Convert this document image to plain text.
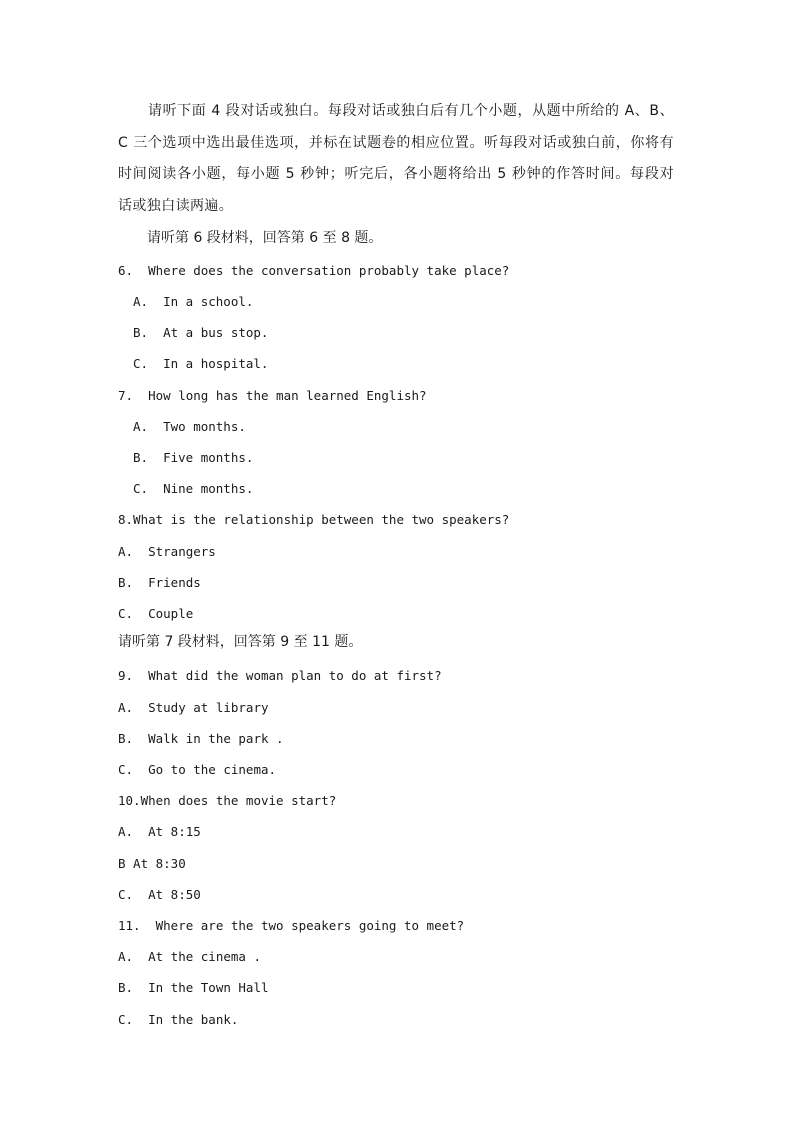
请听下面 4 段对话或独白。每段对话或独白后有几个小题，从题中所给的 A、B、C 三个选项中选出最佳选项，并标在试题卷的相应位置。听每段对话或独白前，你将有时间阅读各小题，每小题 5 秒钟；听完后，各小题将给出 5 秒钟的作答时间。每段对话或独白读两遍。

请听第 6 段材料，回答第 6 至 8 题。

6.  Where does the conversation probably take place?

A.  In a school.

B.  At a bus stop.

C.  In a hospital.

7.  How long has the man learned English?

A.  Two months.

B.  Five months.

C.  Nine months.

8.What is the relationship between the two speakers?

A.  Strangers

B.  Friends

C.  Couple

请听第 7 段材料，回答第 9 至 11 题。

9.  What did the woman plan to do at first?

A.  Study at library

B.  Walk in the park .

C.  Go to the cinema.

10.When does the movie start?

A.  At 8:15

B At 8:30

C.  At 8:50

11.  Where are the two speakers going to meet?

A.  At the cinema .

B.  In the Town Hall

C.  In the bank.
